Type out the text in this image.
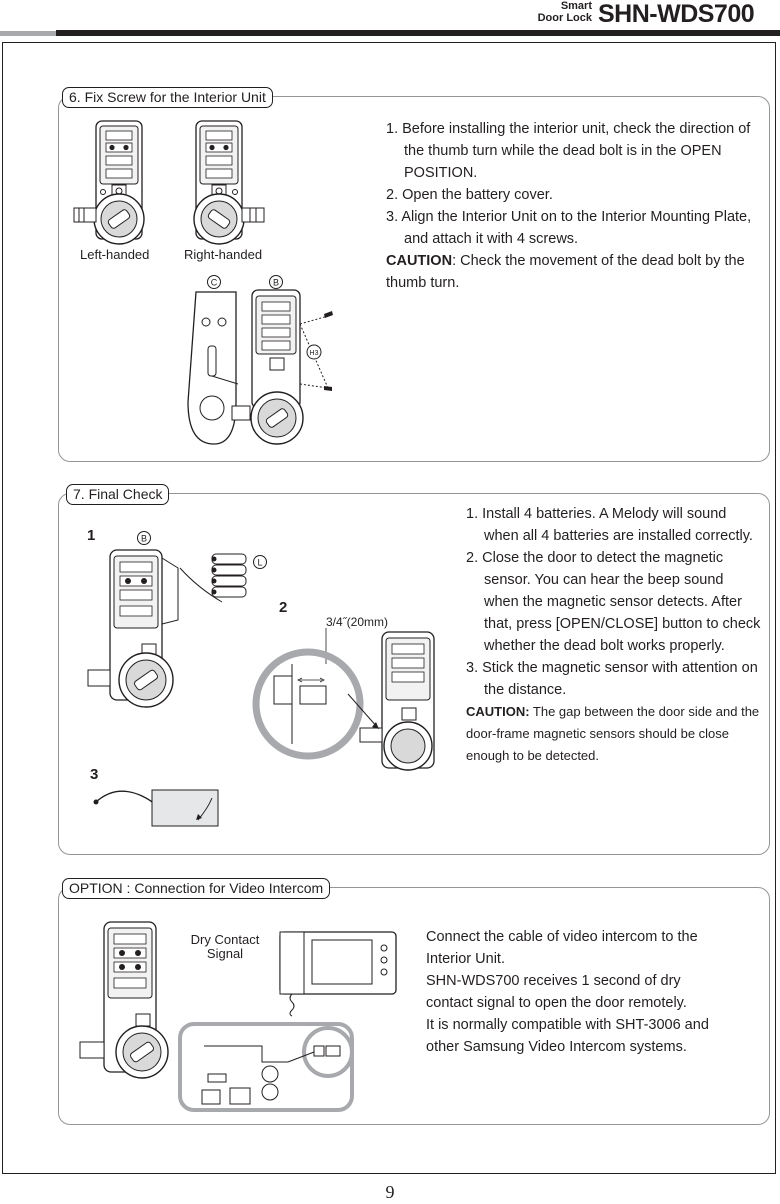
Smart
Door Lock SHN-WDS700
6. Fix Screw for the Interior Unit
Left-handed	Right-handed
C	B
H3

1. Before installing the interior unit, check the direction of the thumb turn while the dead bolt is in the OPEN POSITION.

2. Open the battery cover.

3. Align the Interior Unit on to the Interior Mounting Plate, and attach it with 4 screws.

CAUTION: Check the movement of the dead bolt by the thumb turn.

7. Final Check
1
2
3
B
L
3/4˝(20mm)

1. Install 4 batteries. A Melody will sound when all 4 batteries are installed correctly.

2. Close the door to detect the magnetic sensor. You can hear the beep sound when the magnetic sensor detects. After that, press [OPEN/CLOSE] button to check whether the dead bolt works properly.

3. Stick the magnetic sensor with attention on the distance.

CAUTION: The gap between the door side and the door-frame magnetic sensors should be close enough to be detected.

OPTION : Connection for Video Intercom
Dry Contact
Signal

Connect the cable of video intercom to the

Interior Unit.

SHN-WDS700 receives 1 second of dry

contact signal to open the door remotely.

It is normally compatible with SHT-3006 and

other Samsung Video Intercom systems.

9
